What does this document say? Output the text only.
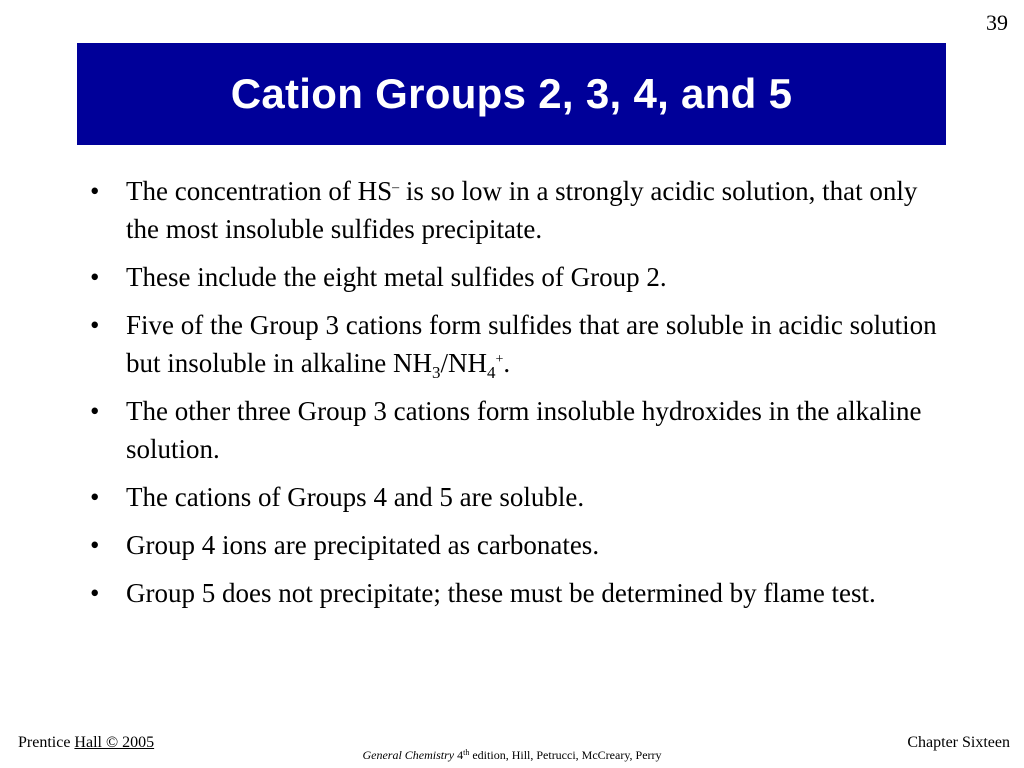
39
Cation Groups 2, 3, 4, and 5
• The concentration of HS– is so low in a strongly acidic solution, that only the most insoluble sulfides precipitate.
• These include the eight metal sulfides of Group 2.
• Five of the Group 3 cations form sulfides that are soluble in acidic solution but insoluble in alkaline $NH_3/NH_4^+$.
• The other three Group 3 cations form insoluble hydroxides in the alkaline solution.
• The cations of Groups 4 and 5 are soluble.
• Group 4 ions are precipitated as carbonates.
• Group 5 does not precipitate; these must be determined by flame test.
Prentice Hall © 2005
General Chemistry 4th edition, Hill, Petrucci, McCreary, Perry
Chapter Sixteen
